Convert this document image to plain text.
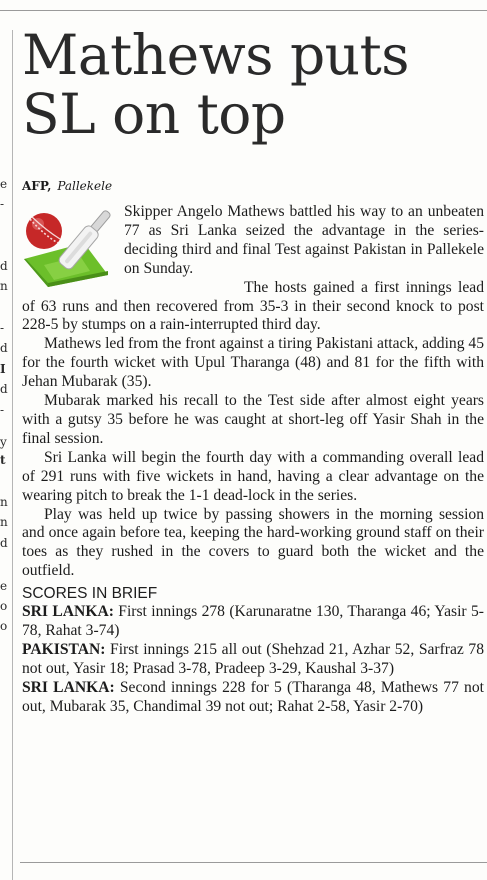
e
-
d
n
-
d
I
d
-
y
t
n
n
d
e
o
o
Mathews puts SL on top
AFP, Pallekele

Skipper Angelo Mathews battled his way to an unbeaten 77 as Sri Lanka seized the advantage in the series-deciding third and final Test against Pakistan in Pallekele on Sunday.

The hosts gained a first innings lead of 63 runs and then recovered from 35-3 in their second knock to post 228-5 by stumps on a rain-interrupted third day.

Mathews led from the front against a tiring Pakistani attack, adding 45 for the fourth wicket with Upul Tharanga (48) and 81 for the fifth with Jehan Mubarak (35).

Mubarak marked his recall to the Test side after almost eight years with a gutsy 35 before he was caught at short-leg off Yasir Shah in the final session.

Sri Lanka will begin the fourth day with a commanding overall lead of 291 runs with five wickets in hand, having a clear advantage on the wearing pitch to break the 1-1 dead-lock in the series.

Play was held up twice by passing showers in the morning session and once again before tea, keeping the hard-working ground staff on their toes as they rushed in the covers to guard both the wicket and the outfield.

SCORES IN BRIEF

SRI LANKA: First innings 278 (Karunaratne 130, Tharanga 46; Yasir 5-78, Rahat 3-74)

PAKISTAN: First innings 215 all out (Shehzad 21, Azhar 52, Sarfraz 78 not out, Yasir 18; Prasad 3-78, Pradeep 3-29, Kaushal 3-37)

SRI LANKA: Second innings 228 for 5 (Tharanga 48, Mathews 77 not out, Mubarak 35, Chandimal 39 not out; Rahat 2-58, Yasir 2-70)
